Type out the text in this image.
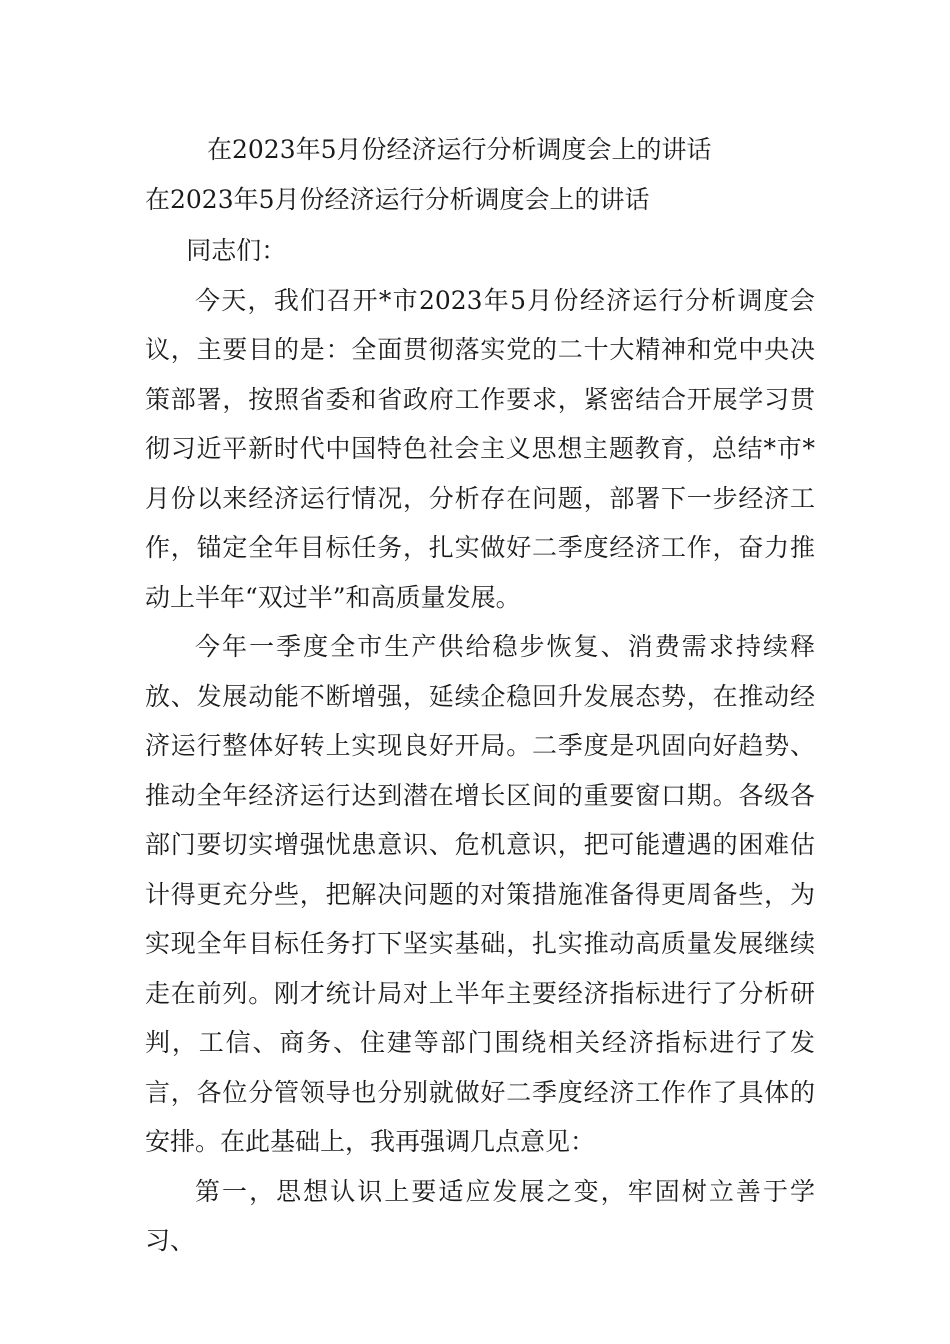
在2023年5月份经济运行分析调度会上的讲话
在2023年5月份经济运行分析调度会上的讲话

同志们：

今天，我们召开*市2023年5月份经济运行分析调度会议，主要目的是：全面贯彻落实党的二十大精神和党中央决策部署，按照省委和省政府工作要求，紧密结合开展学习贯彻习近平新时代中国特色社会主义思想主题教育，总结*市*月份以来经济运行情况，分析存在问题，部署下一步经济工作，锚定全年目标任务，扎实做好二季度经济工作，奋力推动上半年“双过半”和高质量发展。

今年一季度全市生产供给稳步恢复、消费需求持续释放、发展动能不断增强，延续企稳回升发展态势，在推动经济运行整体好转上实现良好开局。二季度是巩固向好趋势、推动全年经济运行达到潜在增长区间的重要窗口期。各级各部门要切实增强忧患意识、危机意识，把可能遭遇的困难估计得更充分些，把解决问题的对策措施准备得更周备些，为实现全年目标任务打下坚实基础，扎实推动高质量发展继续走在前列。刚才统计局对上半年主要经济指标进行了分析研判，工信、商务、住建等部门围绕相关经济指标进行了发言，各位分管领导也分别就做好二季度经济工作作了具体的安排。在此基础上，我再强调几点意见：

第一，思想认识上要适应发展之变，牢固树立善于学习、
